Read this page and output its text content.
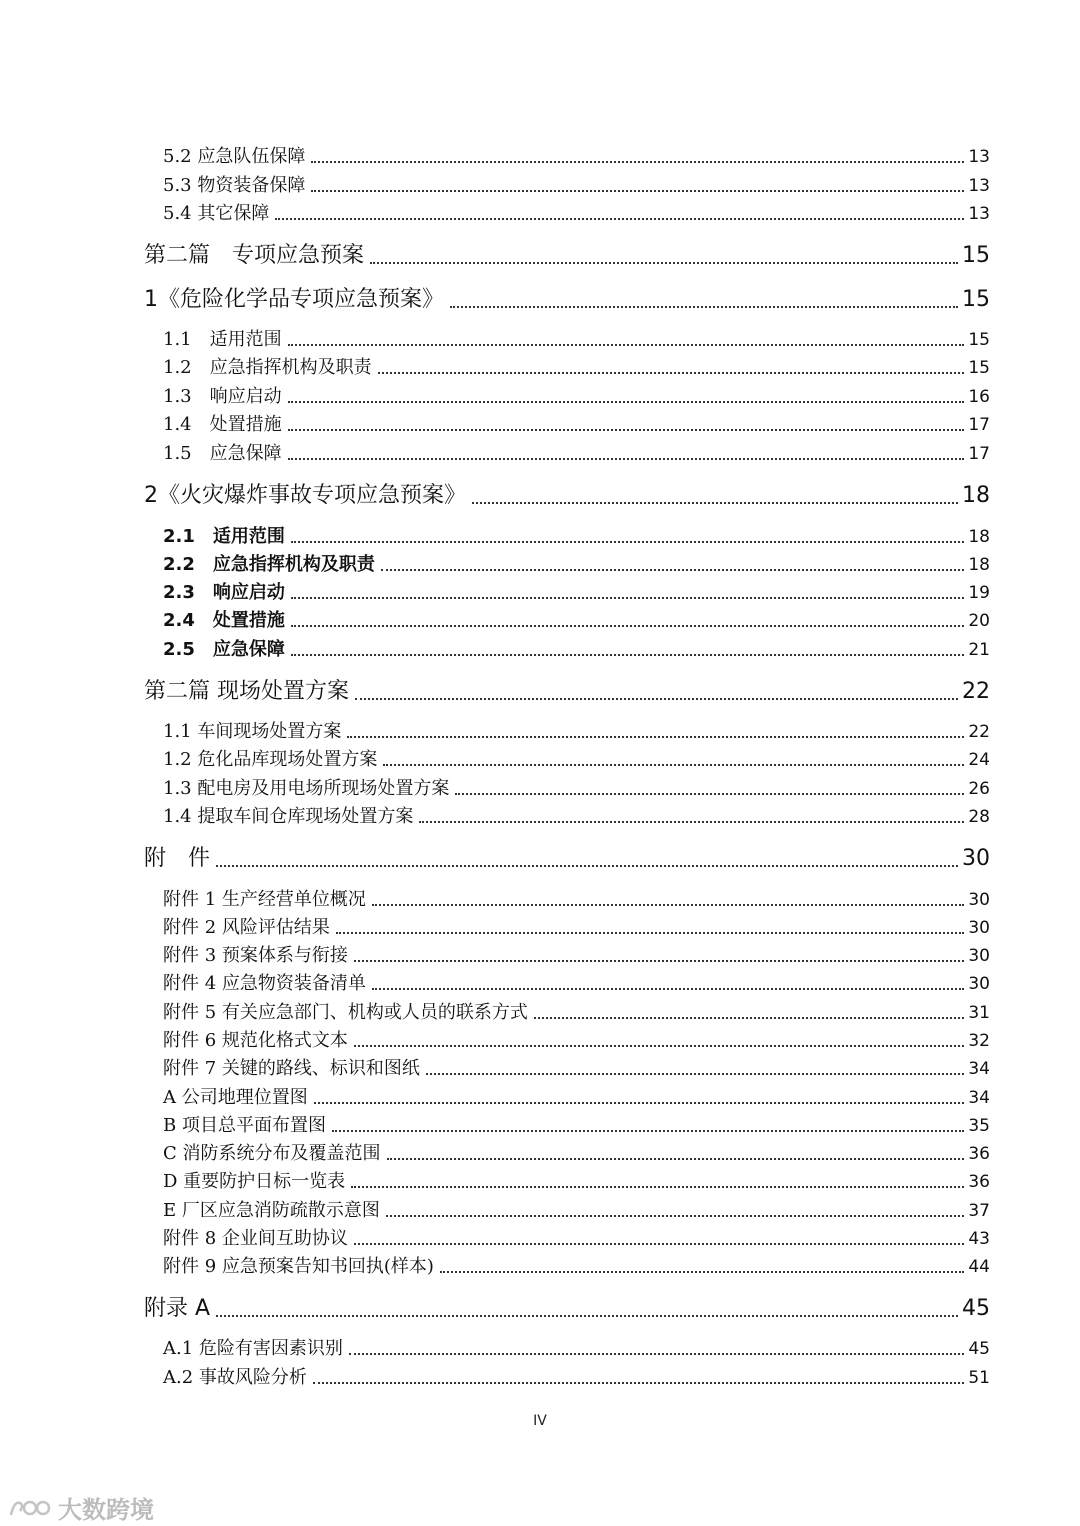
5.2 应急队伍保障	13
5.3 物资装备保障	13
5.4 其它保障	13
第二篇　专项应急预案	15
1《危险化学品专项应急预案》	15
1.1　适用范围	15
1.2　应急指挥机构及职责	15
1.3　响应启动	16
1.4　处置措施	17
1.5　应急保障	17
2《火灾爆炸事故专项应急预案》	18
2.1　适用范围	18
2.2　应急指挥机构及职责	18
2.3　响应启动	19
2.4　处置措施	20
2.5　应急保障	21
第二篇 现场处置方案	22
1.1 车间现场处置方案	22
1.2 危化品库现场处置方案	24
1.3 配电房及用电场所现场处置方案	26
1.4 提取车间仓库现场处置方案	28
附　件	30
附件 1 生产经营单位概况	30
附件 2 风险评估结果	30
附件 3 预案体系与衔接	30
附件 4 应急物资装备清单	30
附件 5 有关应急部门、机构或人员的联系方式	31
附件 6 规范化格式文本	32
附件 7 关键的路线、标识和图纸	34
A 公司地理位置图	34
B 项目总平面布置图	35
C 消防系统分布及覆盖范围	36
D 重要防护日标一览表	36
E 厂区应急消防疏散示意图	37
附件 8 企业间互助协议	43
附件 9 应急预案告知书回执(样本)	44
附录 A	45
A.1 危险有害因素识别	45
A.2 事故风险分析	51
IV
大数跨境
